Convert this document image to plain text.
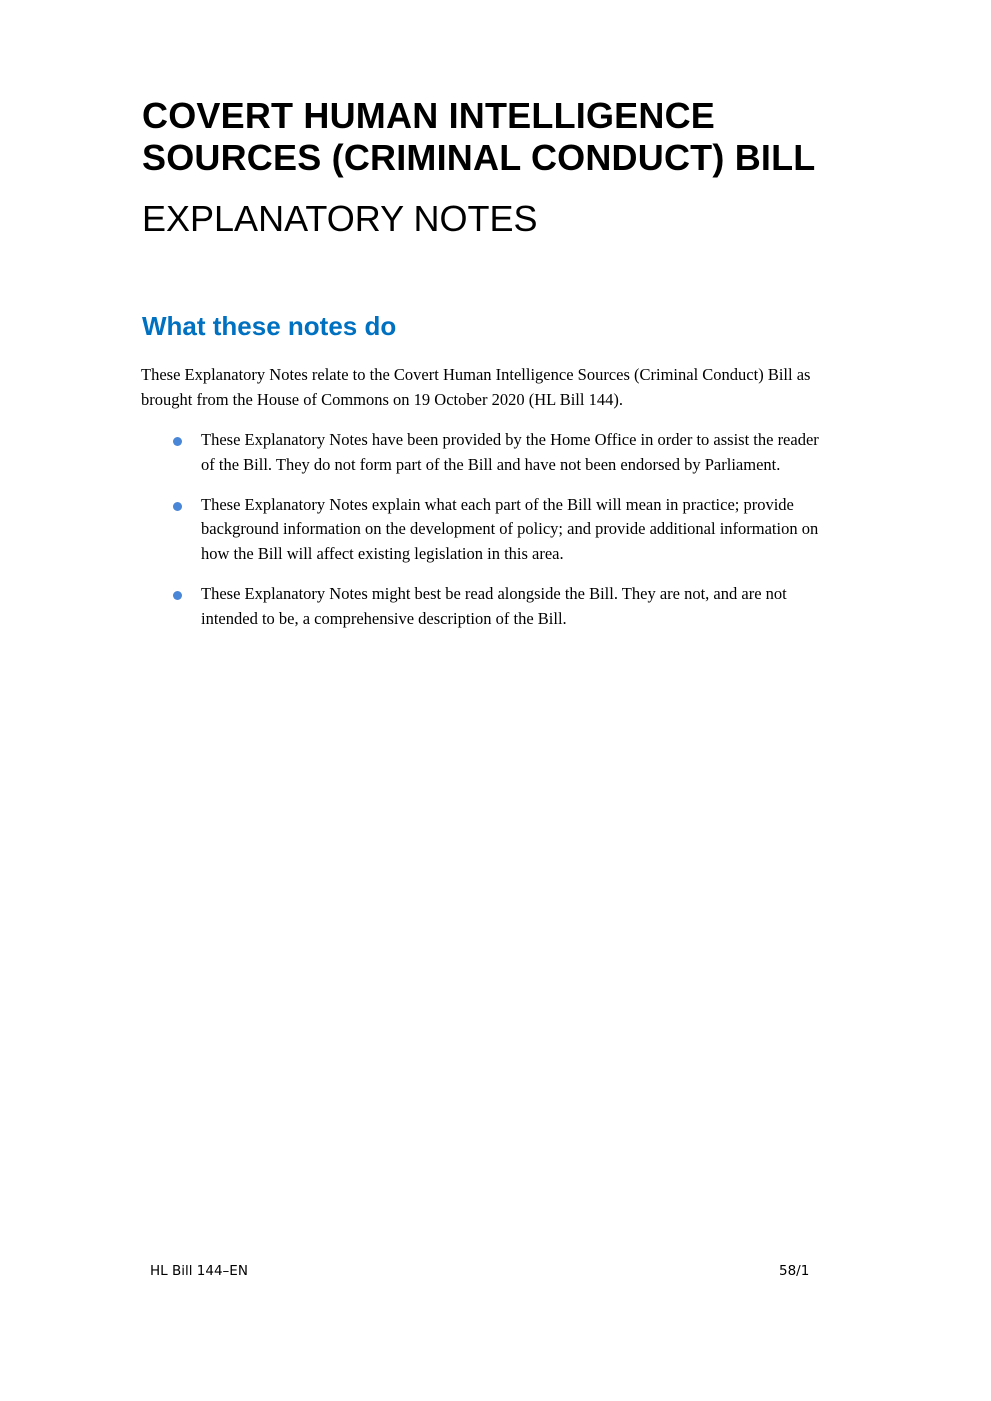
COVERT HUMAN INTELLIGENCE
SOURCES (CRIMINAL CONDUCT) BILL
EXPLANATORY NOTES
What these notes do
These Explanatory Notes relate to the Covert Human Intelligence Sources (Criminal Conduct) Bill as
brought from the House of Commons on 19 October 2020 (HL Bill 144).
These Explanatory Notes have been provided by the Home Office in order to assist the reader
of the Bill. They do not form part of the Bill and have not been endorsed by Parliament.
These Explanatory Notes explain what each part of the Bill will mean in practice; provide
background information on the development of policy; and provide additional information on
how the Bill will affect existing legislation in this area.
These Explanatory Notes might best be read alongside the Bill. They are not, and are not
intended to be, a comprehensive description of the Bill.
HL Bill 144–EN	58/1
